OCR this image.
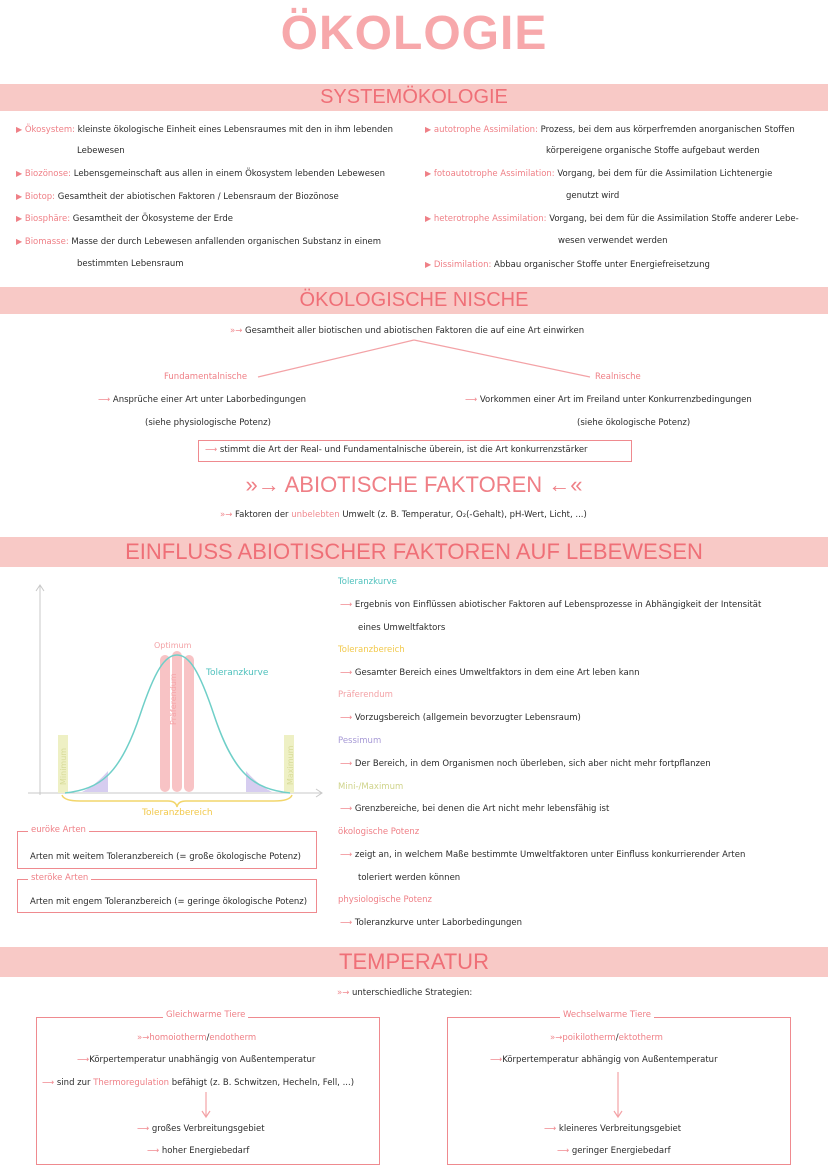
ÖKOLOGIE
SYSTEMÖKOLOGIE
▶ Ökosystem: kleinste ökologische Einheit eines Lebensraumes mit den in ihm lebenden
Lebewesen
▶ Biozönose: Lebensgemeinschaft aus allen in einem Ökosystem lebenden Lebewesen
▶ Biotop: Gesamtheit der abiotischen Faktoren / Lebensraum der Biozönose
▶ Biosphäre: Gesamtheit der Ökosysteme der Erde
▶ Biomasse: Masse der durch Lebewesen anfallenden organischen Substanz in einem
bestimmten Lebensraum
▶ autotrophe Assimilation: Prozess, bei dem aus körperfremden anorganischen Stoffen
körpereigene organische Stoffe aufgebaut werden
▶ fotoautotrophe Assimilation: Vorgang, bei dem für die Assimilation Lichtenergie
genutzt wird
▶ heterotrophe Assimilation: Vorgang, bei dem für die Assimilation Stoffe anderer Lebe-
wesen verwendet werden
▶ Dissimilation: Abbau organischer Stoffe unter Energiefreisetzung
ÖKOLOGISCHE NISCHE
»→ Gesamtheit aller biotischen und abiotischen Faktoren die auf eine Art einwirken
Fundamentalnische	Realnische
⟶ Ansprüche einer Art unter Laborbedingungen
(siehe physiologische Potenz)
⟶ Vorkommen einer Art im Freiland unter Konkurrenzbedingungen
(siehe ökologische Potenz)
⟶ stimmt die Art der Real- und Fundamentalnische überein, ist die Art konkurrenzstärker
»→ ABIOTISCHE FAKTOREN ←«
»→ Faktoren der unbelebten Umwelt (z. B. Temperatur, O₂(-Gehalt), pH-Wert, Licht, ...)
EINFLUSS ABIOTISCHER FAKTOREN AUF LEBEWESEN
Optimum
Toleranzkurve
Präferendum
Minimum	Maximum
Toleranzbereich
euröke Arten
Arten mit weitem Toleranzbereich (= große ökologische Potenz)
steröke Arten
Arten mit engem Toleranzbereich (= geringe ökologische Potenz)
Toleranzkurve
⟶ Ergebnis von Einflüssen abiotischer Faktoren auf Lebensprozesse in Abhängigkeit der Intensität
eines Umweltfaktors
Toleranzbereich
⟶ Gesamter Bereich eines Umweltfaktors in dem eine Art leben kann
Präferendum
⟶ Vorzugsbereich (allgemein bevorzugter Lebensraum)
Pessimum
⟶ Der Bereich, in dem Organismen noch überleben, sich aber nicht mehr fortpflanzen
Mini-/Maximum
⟶ Grenzbereiche, bei denen die Art nicht mehr lebensfähig ist
ökologische Potenz
⟶ zeigt an, in welchem Maße bestimmte Umweltfaktoren unter Einfluss konkurrierender Arten
toleriert werden können
physiologische Potenz
⟶ Toleranzkurve unter Laborbedingungen
TEMPERATUR
»→ unterschiedliche Strategien:
Gleichwarme Tiere
»→homoiotherm/endotherm
⟶Körpertemperatur unabhängig von Außentemperatur
⟶ sind zur Thermoregulation befähigt (z. B. Schwitzen, Hecheln, Fell, ...)
⟶ großes Verbreitungsgebiet
⟶ hoher Energiebedarf
Wechselwarme Tiere
»→poikilotherm/ektotherm
⟶Körpertemperatur abhängig von Außentemperatur
⟶ kleineres Verbreitungsgebiet
⟶ geringer Energiebedarf
